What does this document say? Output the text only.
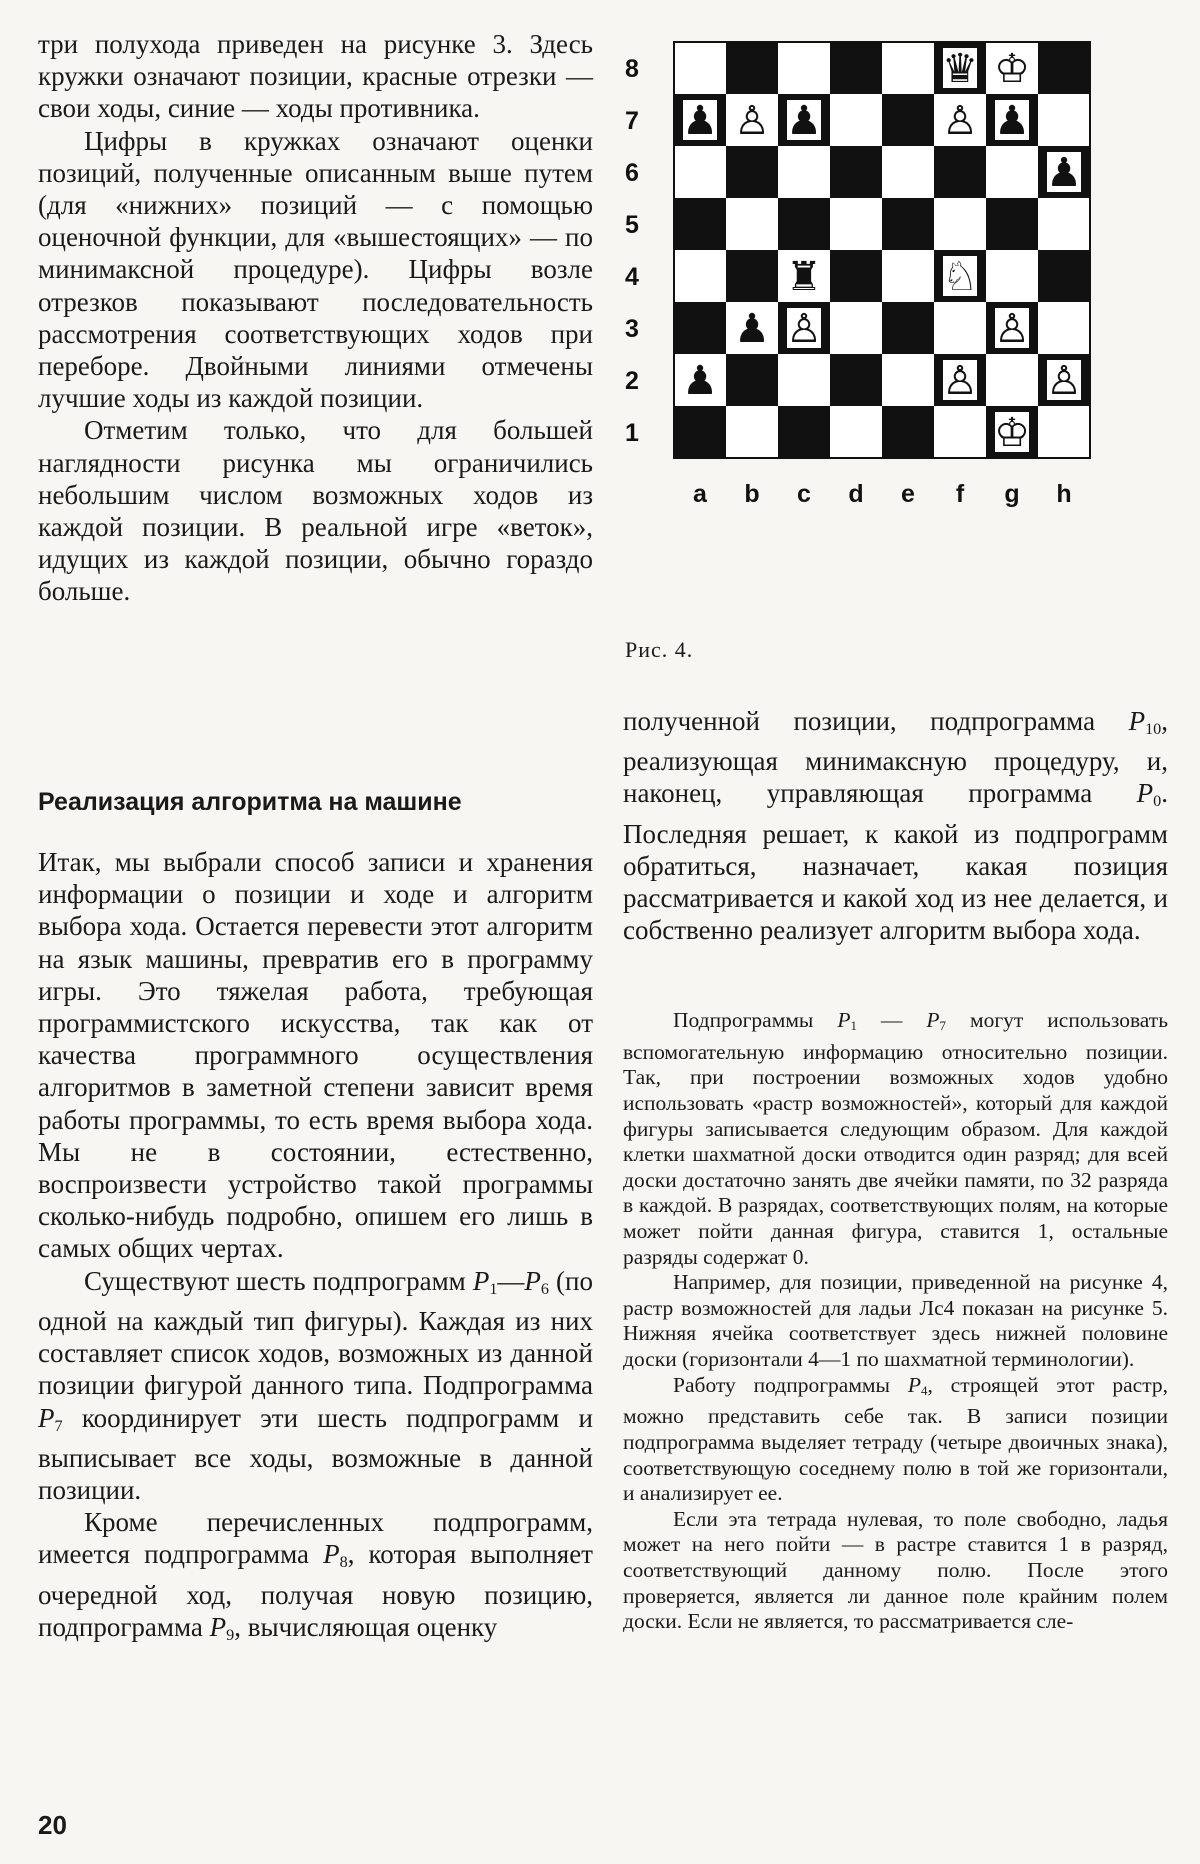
три полухода приведен на рисунке 3. Здесь кружки означают позиции, красные отрезки — свои ходы, синие — ходы противника.

Цифры в кружках означают оценки позиций, полученные описанным выше путем (для «нижних» позиций — с помощью оценочной функции, для «вышестоящих» — по минимаксной процедуре). Цифры возле отрезков показывают последовательность рассмотрения соответствующих ходов при переборе. Двойными линиями отмечены лучшие ходы из каждой позиции.

Отметим только, что для большей наглядности рисунка мы ограничились небольшим числом возможных ходов из каждой позиции. В реальной игре «веток», идущих из каждой позиции, обычно гораздо больше.

Реализация алгоритма на машине

Итак, мы выбрали способ записи и хранения информации о позиции и ходе и алгоритм выбора хода. Остается перевести этот алгоритм на язык машины, превратив его в программу игры. Это тяжелая работа, требующая программистского искусства, так как от качества программного осуществления алгоритмов в заметной степени зависит время работы программы, то есть время выбора хода. Мы не в состоянии, естественно, воспроизвести устройство такой программы сколько-нибудь подробно, опишем его лишь в самых общих чертах.

Существуют шесть подпрограмм $P_1—P_6$ (по одной на каждый тип фигуры). Каждая из них составляет список ходов, возможных из данной позиции фигурой данного типа. Подпрограмма $P_7$ координирует эти шесть подпрограмм и выписывает все ходы, возможные в данной позиции.

Кроме перечисленных подпрограмм, имеется подпрограмма $P_8$, которая выполняет очередной ход, получая новую позицию, подпрограмма $P_9$, вычисляющая оценку

8
7
6
5
4
3
2
1
a b c d e f g h
♛ ♔
♟ ♙ ♟	♙ ♟
♟
♜	♘
♟ ♙	♙
♟	♙ ♙
♔
Рис. 4.

полученной позиции, подпрограмма $P_{10}$, реализующая минимаксную процедуру, и, наконец, управляющая программа $P_0$. Последняя решает, к какой из подпрограмм обратиться, назначает, какая позиция рассматривается и какой ход из нее делается, и собственно реализует алгоритм выбора хода.

Подпрограммы $P_1$ — $P_7$ могут использовать вспомогательную информацию относительно позиции. Так, при построении возможных ходов удобно использовать «растр возможностей», который для каждой фигуры записывается следующим образом. Для каждой клетки шахматной доски отводится один разряд; для всей доски достаточно занять две ячейки памяти, по 32 разряда в каждой. В разрядах, соответствующих полям, на которые может пойти данная фигура, ставится 1, остальные разряды содержат 0.

Например, для позиции, приведенной на рисунке 4, растр возможностей для ладьи Лс4 показан на рисунке 5. Нижняя ячейка соответствует здесь нижней половине доски (горизонтали 4—1 по шахматной терминологии).

Работу подпрограммы $P_4$, строящей этот растр, можно представить себе так. В записи позиции подпрограмма выделяет тетраду (четыре двоичных знака), соответствующую соседнему полю в той же горизонтали, и анализирует ее.

Если эта тетрада нулевая, то поле свободно, ладья может на него пойти — в растре ставится 1 в разряд, соответствующий данному полю. После этого проверяется, является ли данное поле крайним полем доски. Если не является, то рассматривается сле-

20
